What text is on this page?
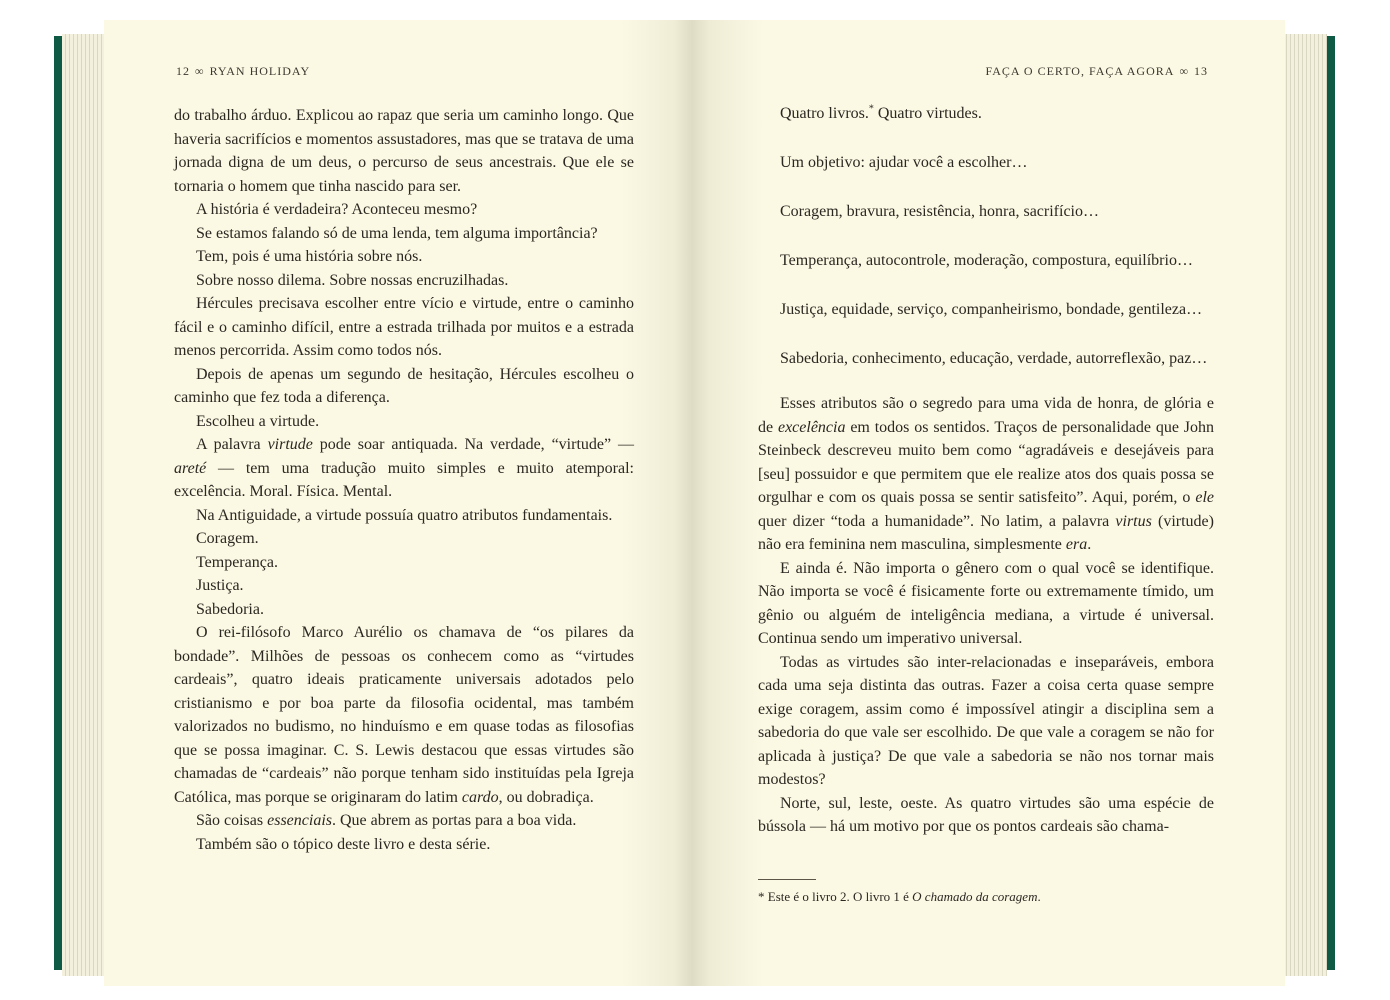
12 ∞ RYAN HOLIDAY	FAÇA O CERTO, FAÇA AGORA ∞ 13

do trabalho árduo. Explicou ao rapaz que seria um caminho longo. Que haveria sacrifícios e momentos assustadores, mas que se tratava de uma jornada digna de um deus, o percurso de seus ancestrais. Que ele se tornaria o homem que tinha nascido para ser.

A história é verdadeira? Aconteceu mesmo?

Se estamos falando só de uma lenda, tem alguma importância?

Tem, pois é uma história sobre nós.

Sobre nosso dilema. Sobre nossas encruzilhadas.

Hércules precisava escolher entre vício e virtude, entre o caminho fácil e o caminho difícil, entre a estrada trilhada por muitos e a estrada menos percorrida. Assim como todos nós.

Depois de apenas um segundo de hesitação, Hércules escolheu o caminho que fez toda a diferença.

Escolheu a virtude.

A palavra virtude pode soar antiquada. Na verdade, “virtude” — areté — tem uma tradução muito simples e muito atemporal: excelência. Moral. Física. Mental.

Na Antiguidade, a virtude possuía quatro atributos fundamentais.

Coragem.

Temperança.

Justiça.

Sabedoria.

O rei-filósofo Marco Aurélio os chamava de “os pilares da bondade”. Milhões de pessoas os conhecem como as “virtudes cardeais”, quatro ideais praticamente universais adotados pelo cristianismo e por boa parte da filosofia ocidental, mas também valorizados no budismo, no hinduísmo e em quase todas as filosofias que se possa imaginar. C. S. Lewis destacou que essas virtudes são chamadas de “cardeais” não porque tenham sido instituídas pela Igreja Católica, mas porque se originaram do latim cardo, ou dobradiça.

São coisas essenciais. Que abrem as portas para a boa vida.

Também são o tópico deste livro e desta série.

Quatro livros.* Quatro virtudes.
Um objetivo: ajudar você a escolher…
Coragem, bravura, resistência, honra, sacrifício…
Temperança, autocontrole, moderação, compostura, equilíbrio…
Justiça, equidade, serviço, companheirismo, bondade, gentileza…
Sabedoria, conhecimento, educação, verdade, autorreflexão, paz…

Esses atributos são o segredo para uma vida de honra, de glória e de excelência em todos os sentidos. Traços de personalidade que John Steinbeck descreveu muito bem como “agradáveis e desejáveis para [seu] possuidor e que permitem que ele realize atos dos quais possa se orgulhar e com os quais possa se sentir satisfeito”. Aqui, porém, o ele quer dizer “toda a humanidade”. No latim, a palavra virtus (virtude) não era feminina nem masculina, simplesmente era.

E ainda é. Não importa o gênero com o qual você se identifique. Não importa se você é fisicamente forte ou extremamente tímido, um gênio ou alguém de inteligência mediana, a virtude é universal. Continua sendo um imperativo universal.

Todas as virtudes são inter-relacionadas e inseparáveis, embora cada uma seja distinta das outras. Fazer a coisa certa quase sempre exige coragem, assim como é impossível atingir a disciplina sem a sabedoria do que vale ser escolhido. De que vale a coragem se não for aplicada à justiça? De que vale a sabedoria se não nos tornar mais modestos?

Norte, sul, leste, oeste. As quatro virtudes são uma espécie de bússola — há um motivo por que os pontos cardeais são chama-

* Este é o livro 2. O livro 1 é O chamado da coragem.
